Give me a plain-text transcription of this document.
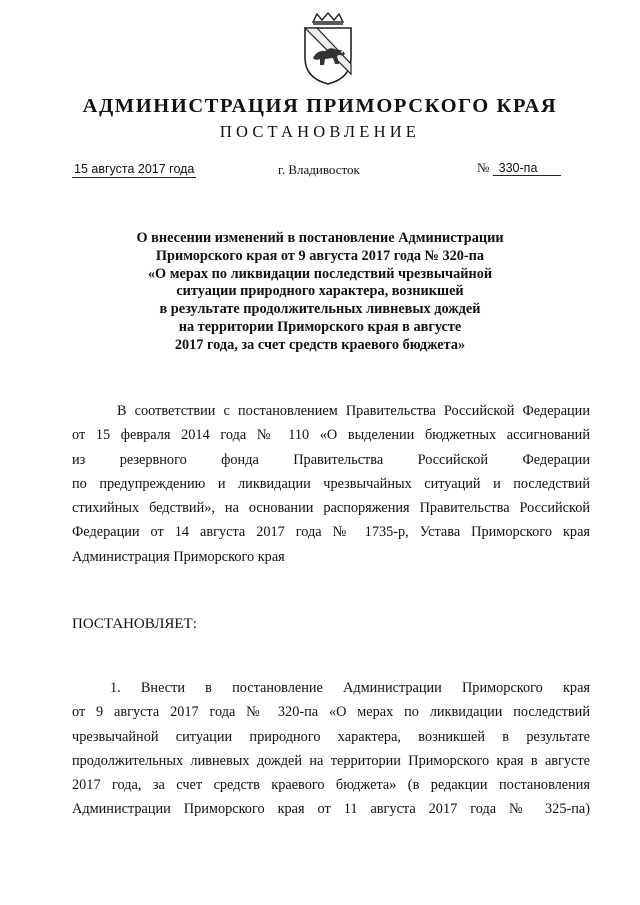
АДМИНИСТРАЦИЯ ПРИМОРСКОГО КРАЯ
ПОСТАНОВЛЕНИЕ
15 августа 2017 года	г. Владивосток	№ 330-па
О внесении изменений в постановление Администрации
Приморского края от 9 августа 2017 года № 320-па
«О мерах по ликвидации последствий чрезвычайной
ситуации природного характера, возникшей
в результате продолжительных ливневых дождей
на территории Приморского края в августе
2017 года, за счет средств краевого бюджета»
В соответствии с постановлением Правительства Российской Федерации
от 15 февраля 2014 года № 110 «О выделении бюджетных ассигнований
из резервного фонда Правительства Российской Федерации
по предупреждению и ликвидации чрезвычайных ситуаций и последствий
стихийных бедствий», на основании распоряжения Правительства Российской
Федерации от 14 августа 2017 года № 1735-р, Устава Приморского края
Администрация Приморского края
ПОСТАНОВЛЯЕТ:
1. Внести в постановление Администрации Приморского края
от 9 августа 2017 года № 320-па «О мерах по ликвидации последствий
чрезвычайной ситуации природного характера, возникшей в результате
продолжительных ливневых дождей на территории Приморского края в августе
2017 года, за счет средств краевого бюджета» (в редакции постановления
Администрации Приморского края от 11 августа 2017 года № 325-па)
